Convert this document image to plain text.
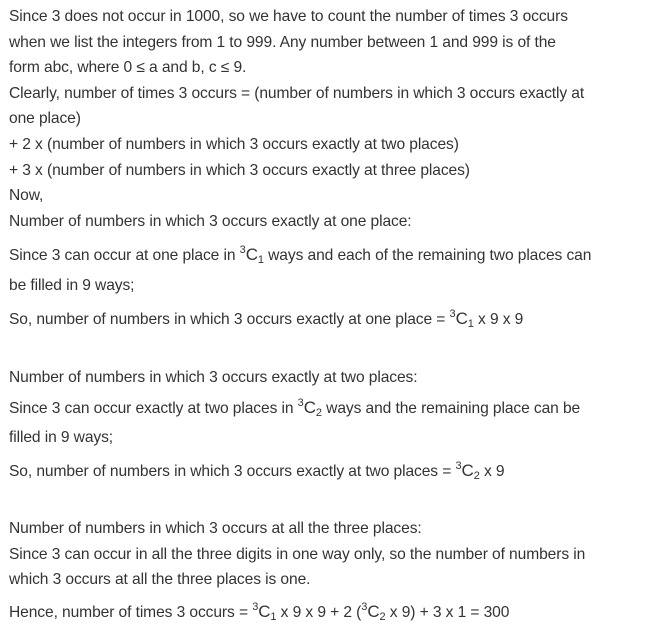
Since 3 does not occur in 1000, so we have to count the number of times 3 occurs
when we list the integers from 1 to 999. Any number between 1 and 999 is of the
form abc, where 0 ≤ a and b, c ≤ 9.
Clearly, number of times 3 occurs = (number of numbers in which 3 occurs exactly at
one place)
+ 2 x (number of numbers in which 3 occurs exactly at two places)
+ 3 x (number of numbers in which 3 occurs exactly at three places)
Now,
Number of numbers in which 3 occurs exactly at one place:
Since 3 can occur at one place in $^3$C1 ways and each of the remaining two places can
be filled in 9 ways;
So, number of numbers in which 3 occurs exactly at one place = $^3$C1 x 9 x 9
Number of numbers in which 3 occurs exactly at two places:
Since 3 can occur exactly at two places in $^3$C2 ways and the remaining place can be
filled in 9 ways;
So, number of numbers in which 3 occurs exactly at two places = $^3$C2 x 9
Number of numbers in which 3 occurs at all the three places:
Since 3 can occur in all the three digits in one way only, so the number of numbers in
which 3 occurs at all the three places is one.
Hence, number of times 3 occurs = $^3$C1 x 9 x 9 + 2 ($^3$C2 x 9) + 3 x 1 = 300
